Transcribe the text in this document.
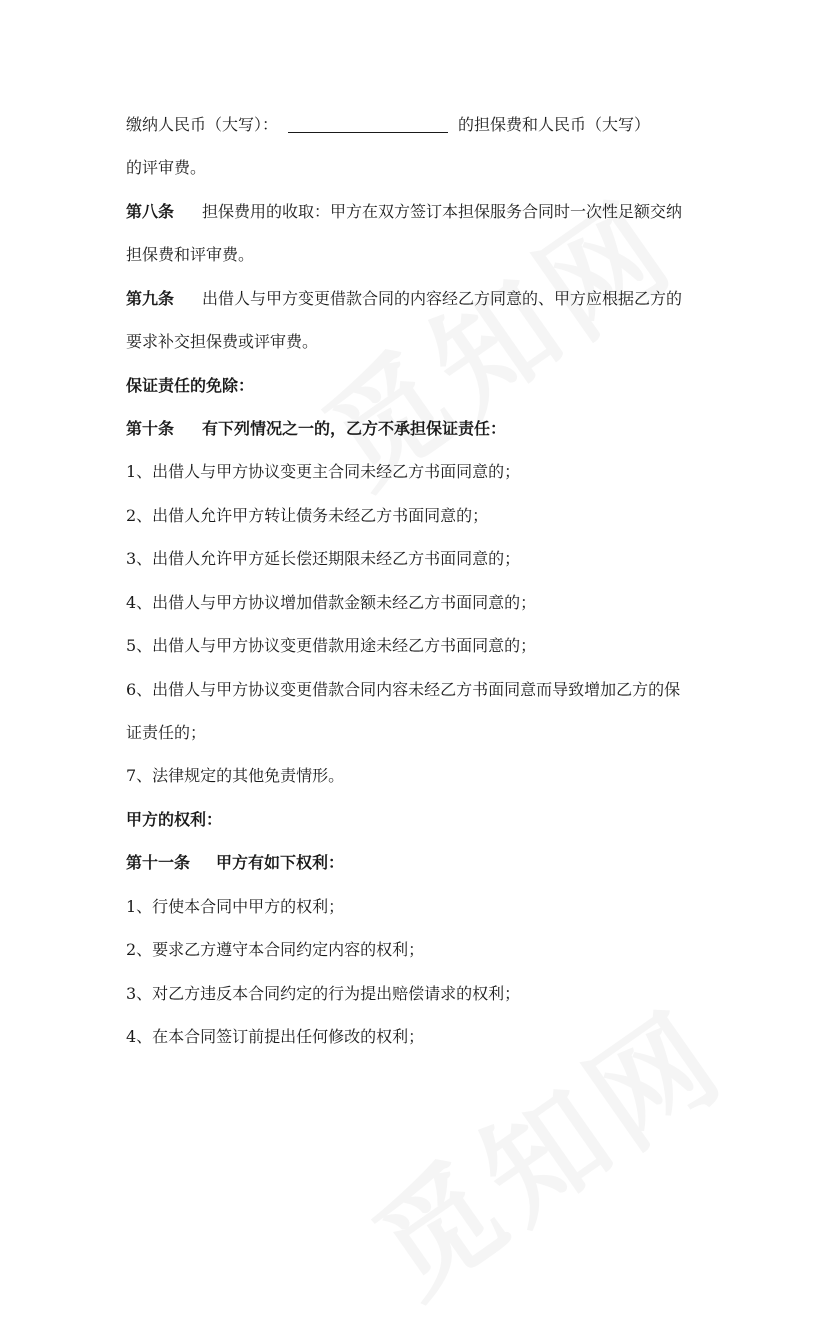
缴纳人民币（大写）：	的担保费和人民币（大写）
的评审费。
第八条 担保费用的收取：甲方在双方签订本担保服务合同时一次性足额交纳
担保费和评审费。
第九条 出借人与甲方变更借款合同的内容经乙方同意的、甲方应根据乙方的
要求补交担保费或评审费。
保证责任的免除：
第十条 有下列情况之一的，乙方不承担保证责任：
1、出借人与甲方协议变更主合同未经乙方书面同意的；
2、出借人允许甲方转让债务未经乙方书面同意的；
3、出借人允许甲方延长偿还期限未经乙方书面同意的；
4、出借人与甲方协议增加借款金额未经乙方书面同意的；
5、出借人与甲方协议变更借款用途未经乙方书面同意的；
6、出借人与甲方协议变更借款合同内容未经乙方书面同意而导致增加乙方的保
证责任的；
7、法律规定的其他免责情形。
甲方的权利：
第十一条 甲方有如下权利：
1、行使本合同中甲方的权利；
2、要求乙方遵守本合同约定内容的权利；
3、对乙方违反本合同约定的行为提出赔偿请求的权利；
4、在本合同签订前提出任何修改的权利；
